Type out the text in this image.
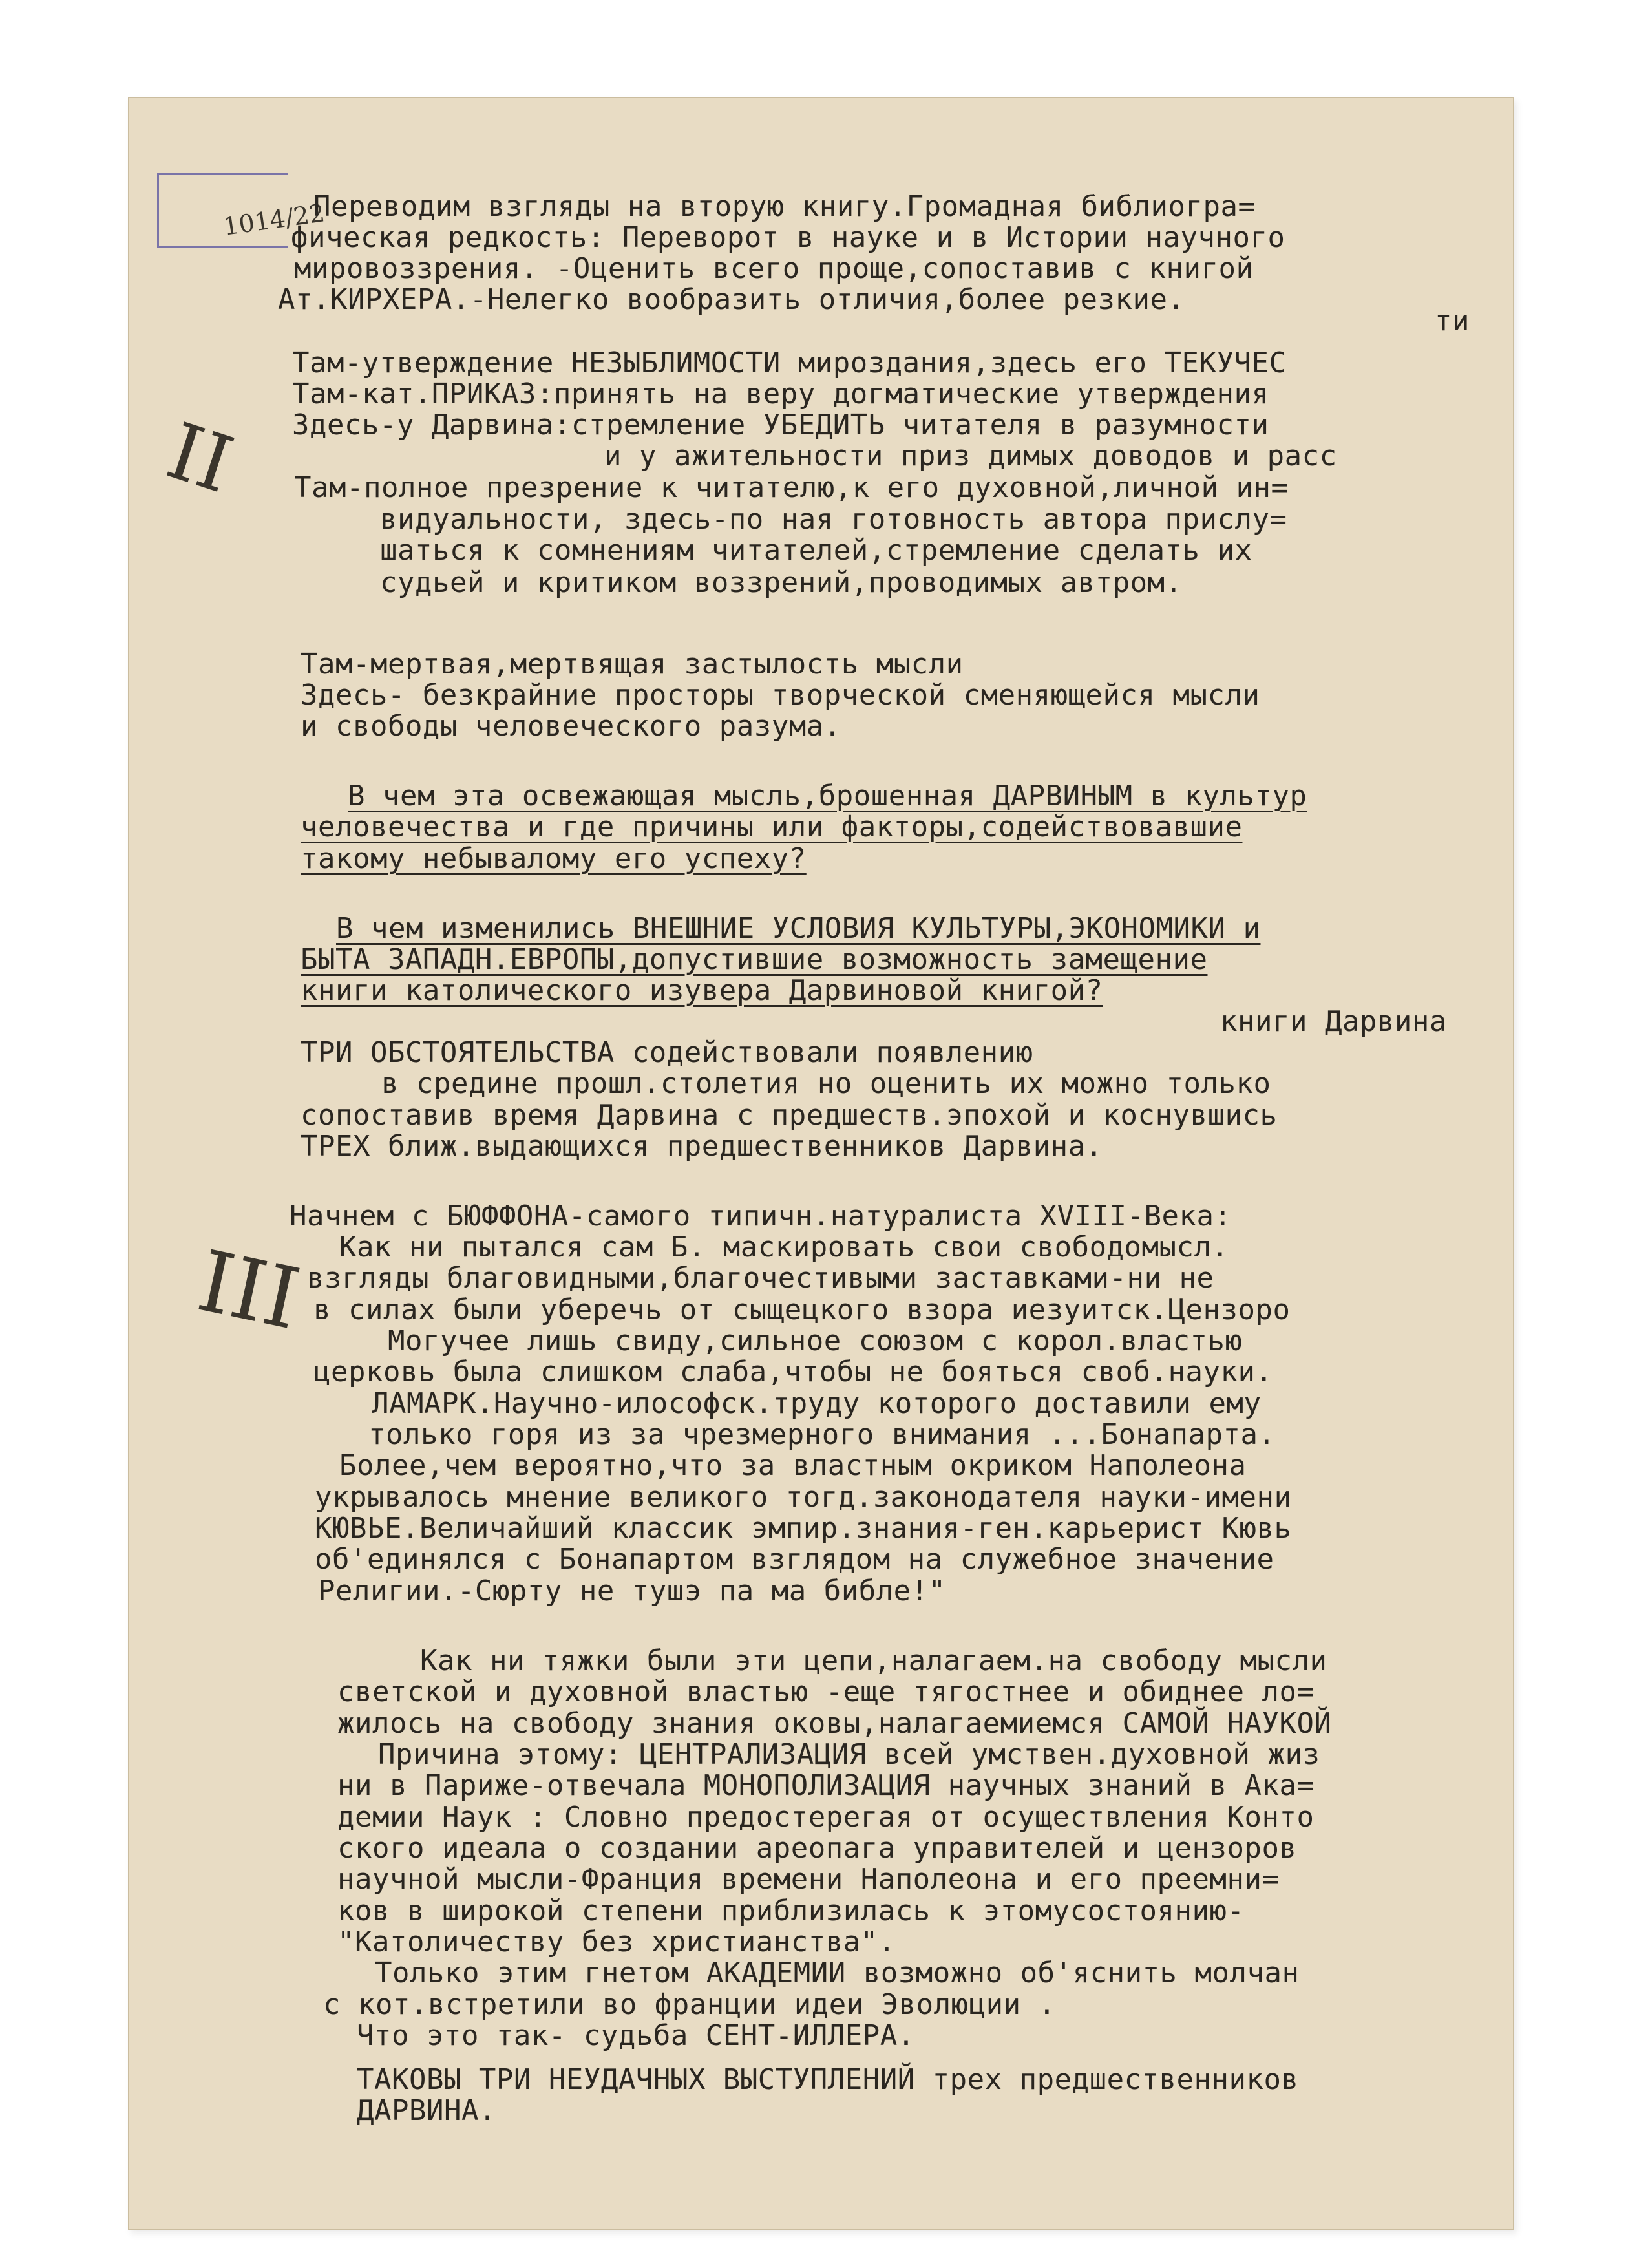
1014/22
II
III
Переводим взгляды на вторую книгу.Громадная библиогра=
фическая редкость: Переворот в науке и в Истории научного
мировоззрения. -Оценить всего проще,сопоставив с книгой
Ат.КИРХЕРА.-Нелегко вообразить отличия,более резкие.
ти
Там-утверждение НЕЗЫБЛИМОСТИ мироздания,здесь его ТЕКУЧЕС
Там-кат.ПРИКАЗ:принять на веру догматические утверждения
Здесь-у Дарвина:стремление УБЕДИТЬ читателя в разумности
и у ажительности приз димых доводов и расс
Там-полное презрение к читателю,к его духовной,личной ин=
видуальности, здесь-по ная готовность автора прислу=
шаться к сомнениям читателей,стремление сделать их
судьей и критиком воззрений,проводимых автром.
Там-мертвая,мертвящая застылость мысли
Здесь- безкрайние просторы творческой сменяющейся мысли
и свободы человеческого разума.
В чем эта освежающая мысль,брошенная ДАРВИНЫМ в культур
человечества и где причины или факторы,содействовавшие
такому небывалому его успеху?
В чем изменились ВНЕШНИЕ УСЛОВИЯ КУЛЬТУРЫ,ЭКОНОМИКИ и
БЫТА ЗАПАДН.ЕВРОПЫ,допустившие возможность замещение
книги католического изувера Дарвиновой книгой?
книги Дарвина
ТРИ ОБСТОЯТЕЛЬСТВА содействовали появлению
в средине прошл.столетия но оценить их можно только
сопоставив время Дарвина с предшеств.эпохой и коснувшись
ТРЕХ ближ.выдающихся предшественников Дарвина.
Начнем с БЮФФОНА-самого типичн.натуралиста XVIII-Века:
Как ни пытался сам Б. маскировать свои свободомысл.
взгляды благовидными,благочестивыми заставками-ни не
в силах были уберечь от сыщецкого взора иезуитск.Цензоро
Могучее лишь свиду,сильное союзом с корол.властью
церковь была слишком слаба,чтобы не бояться своб.науки.
ЛАМАРК.Научно-илософск.труду которого доставили ему
только горя из за чрезмерного внимания ...Бонапарта.
Более,чем вероятно,что за властным окриком Наполеона
укрывалось мнение великого тогд.законодателя науки-имени
КЮВЬЕ.Величайший классик эмпир.знания-ген.карьерист Кювь
об'единялся с Бонапартом взглядом на служебное значение
Религии.-Сюрту не тушэ па ма библе!"
Как ни тяжки были эти цепи,налагаем.на свободу мысли
светской и духовной властью -еще тягостнее и обиднее ло=
жилось на свободу знания оковы,налагаемиемся САМОЙ НАУКОЙ
Причина этому: ЦЕНТРАЛИЗАЦИЯ всей умствен.духовной жиз
ни в Париже-отвечала МОНОПОЛИЗАЦИЯ научных знаний в Ака=
демии Наук : Словно предостерегая от осуществления Конто
ского идеала о создании ареопага управителей и цензоров
научной мысли-Франция времени Наполеона и его преемни=
ков в широкой степени приблизилась к этомусостоянию-
"Католичеству без христианства".
Только этим гнетом АКАДЕМИИ возможно об'яснить молчан
с кот.встретили во франции идеи Эволюции .
Что это так- судьба СЕНТ-ИЛЛЕРА.
ТАКОВЫ ТРИ НЕУДАЧНЫХ ВЫСТУПЛЕНИЙ трех предшественников
ДАРВИНА.
